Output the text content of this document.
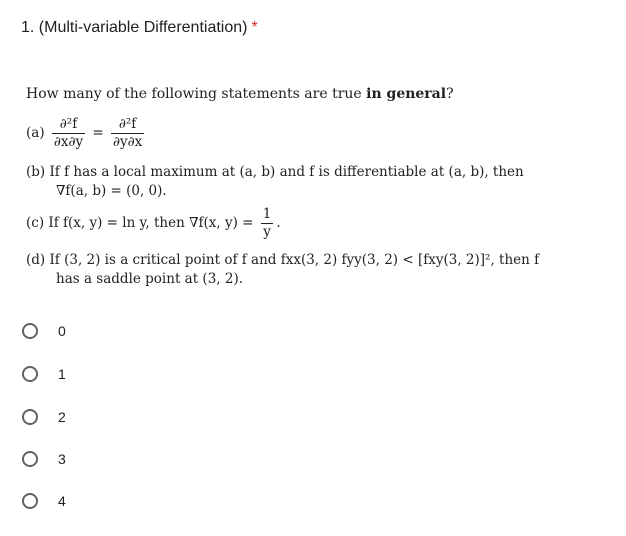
1. (Multi-variable Differentiation) *
How many of the following statements are true in general?
$(a) \frac{\text{∂²f}}{\partial x\partial y} = \frac{\text{∂²f}}{\partial y\partial x}$
(b) If f has a local maximum at (a, b) and f is differentiable at (a, b), then
∇f(a, b) = (0, 0).
(c) If f(x, y) = ln y, then ∇f(x, $y) = \frac{1}{y}$ .
(d) If (3, 2) is a critical point of f and fxx(3, 2) fyy(3, 2) < [fxy(3, 2)]², then f
has a saddle point at (3, 2).
0
1
2
3
4
